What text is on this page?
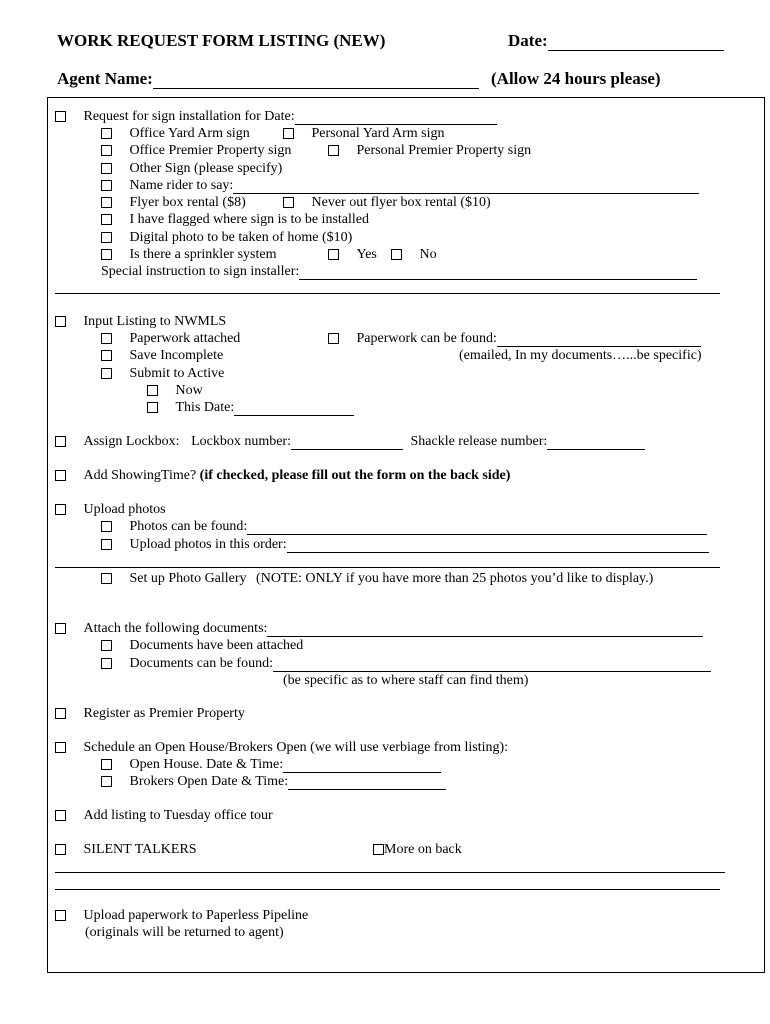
WORK REQUEST FORM LISTING (NEW)	Date:
Agent Name:	(Allow 24 hours please)
Request for sign installation for Date:
Office Yard Arm sign	Personal Yard Arm sign
Office Premier Property sign	Personal Premier Property sign
Other Sign (please specify)
Name rider to say:
Flyer box rental ($8)	Never out flyer box rental ($10)
I have flagged where sign is to be installed
Digital photo to be taken of home ($10)
Is there a sprinkler system	Yes	No
Special instruction to sign installer:
Input Listing to NWMLS
Paperwork attached	Paperwork can be found:
Save Incomplete	(emailed, In my documents…...be specific)
Submit to Active
Now
This Date:
Assign Lockbox: Lockbox number:	Shackle release number:
Add ShowingTime? (if checked, please fill out the form on the back side)
Upload photos
Photos can be found:
Upload photos in this order:
Set up Photo Gallery (NOTE: ONLY if you have more than 25 photos you’d like to display.)
Attach the following documents:
Documents have been attached
Documents can be found:
(be specific as to where staff can find them)
Register as Premier Property
Schedule an Open House/Brokers Open (we will use verbiage from listing):
Open House. Date & Time:
Brokers Open Date & Time:
Add listing to Tuesday office tour
SILENT TALKERS	More on back
Upload paperwork to Paperless Pipeline
(originals will be returned to agent)
